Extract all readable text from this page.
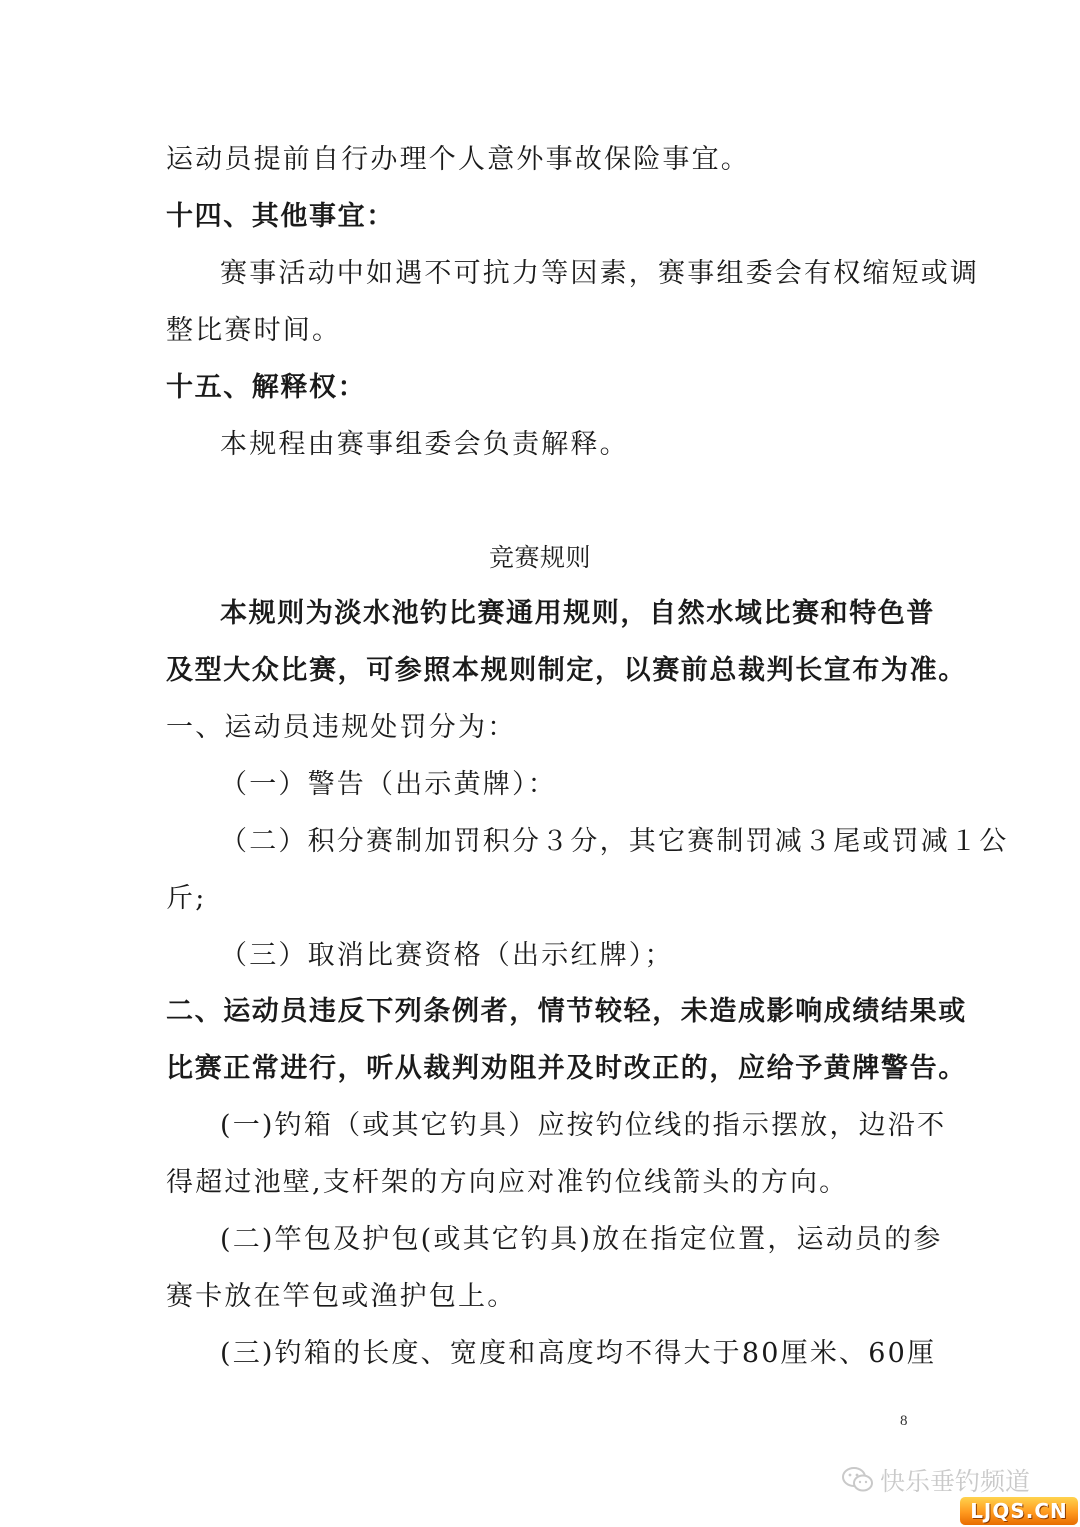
运动员提前自行办理个人意外事故保险事宜。

十四、其他事宜：

赛事活动中如遇不可抗力等因素，赛事组委会有权缩短或调

整比赛时间。

十五、解释权：

本规程由赛事组委会负责解释。

竞赛规则

本规则为淡水池钓比赛通用规则，自然水域比赛和特色普

及型大众比赛，可参照本规则制定，以赛前总裁判长宣布为准。

一、运动员违规处罚分为：

（一）警告（出示黄牌）：

（二）积分赛制加罚积分３分，其它赛制罚减３尾或罚减１公

斤;

（三）取消比赛资格（出示红牌）；

二、运动员违反下列条例者，情节较轻，未造成影响成绩结果或

比赛正常进行，听从裁判劝阻并及时改正的，应给予黄牌警告。

(一)钓箱（或其它钓具）应按钓位线的指示摆放，边沿不

得超过池壁,支杆架的方向应对准钓位线箭头的方向。

(二)竿包及护包(或其它钓具)放在指定位置，运动员的参

赛卡放在竿包或渔护包上。

(三)钓箱的长度、宽度和高度均不得大于80厘米、60厘

8
快乐垂钓频道
LJQS.CN
